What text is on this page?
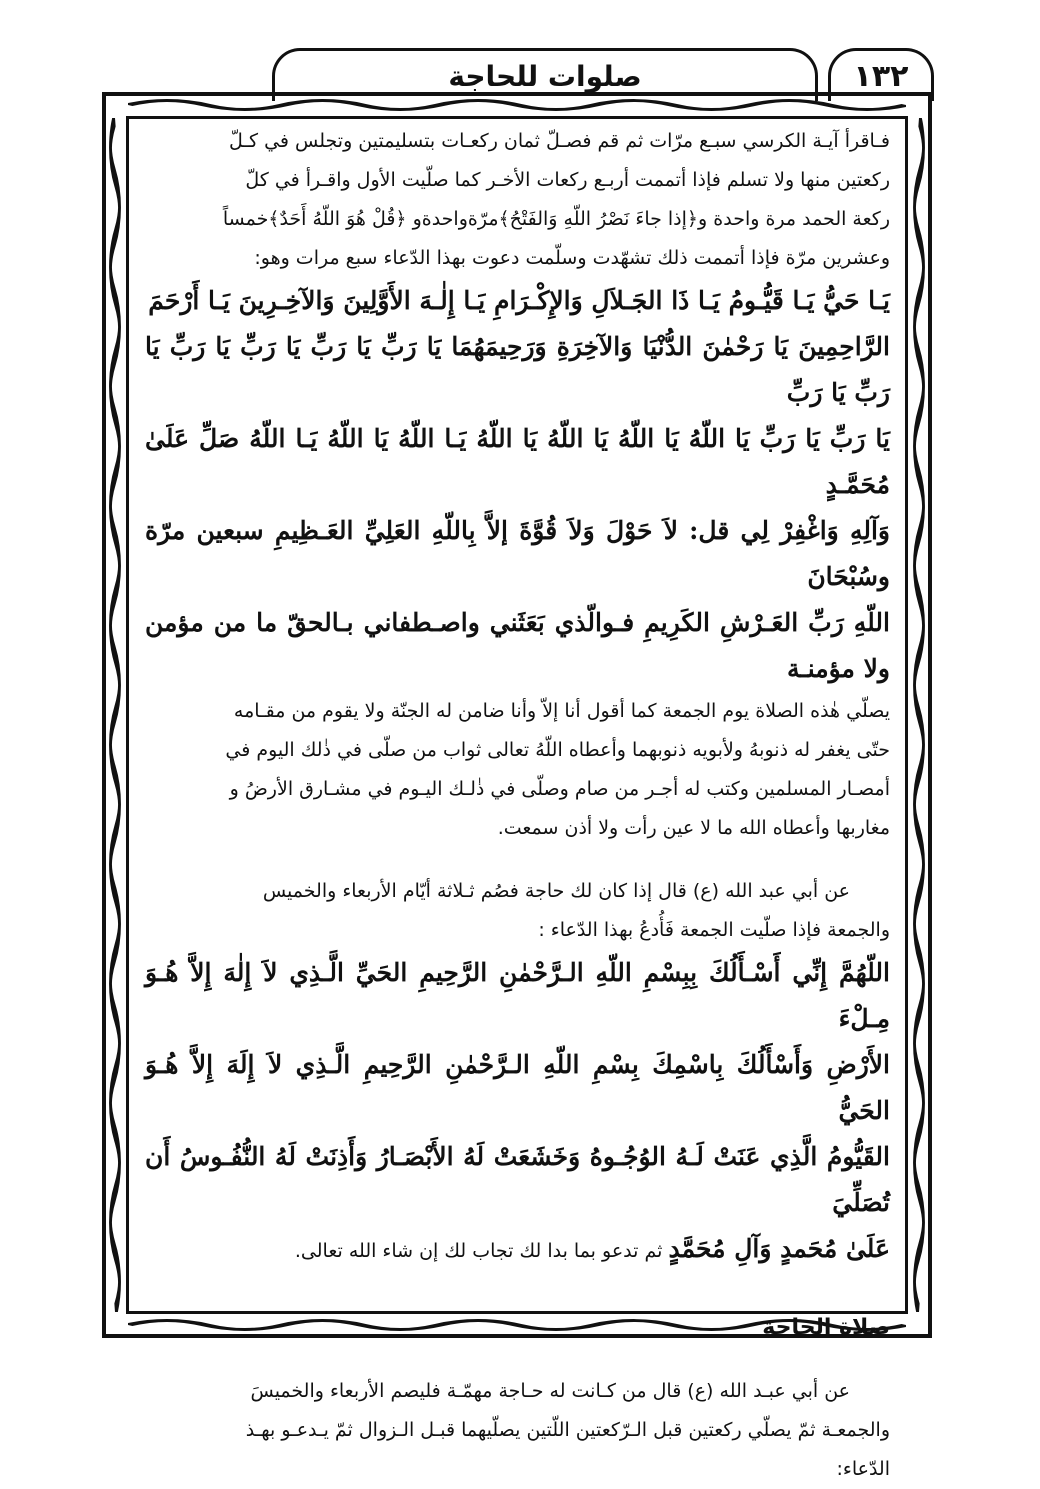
صلوات للحاجة	١٣٢

فـاقرأ آيـة الكرسي سبـع مرّات ثم قم فصـلّ ثمان ركعـات بتسليمتين وتجلس في كـلّ

ركعتين منها ولا تسلم فإذا أتممت أربـع ركعات الأخـر كما صلّيت الأول واقـرأ في كلّ

ركعة الحمد مرة واحدة و﴿إذا جاءَ نَصْرُ اللّهِ وَالفَتْحُ﴾مرّةواحدةو ﴿قُلْ هُوَ اللّهُ أَحَدٌ﴾خمساً

وعشرين مرّة فإذا أتممت ذلك تشهّدت وسلّمت دعوت بهذا الدّعاء سبع مرات وهو:

يَـا حَيُّ يَـا قَيُّـومُ يَـا ذَا الجَـلاَلِ وَالإِكْـرَامِ يَـا إِلٰـهَ الأَوَّلِينَ وَالآخِـرِينَ يَـا أَرْحَمَ

الرَّاحِمِينَ يَا رَحْمٰنَ الدُّنْيَا وَالآخِرَةِ وَرَحِيمَهُمَا يَا رَبِّ يَا رَبِّ يَا رَبِّ يَا رَبِّ يَا رَبِّ يَا رَبِّ

يَا رَبِّ يَا رَبِّ يَا اللّهُ يَا اللّهُ يَا اللّهُ يَا اللّهُ يَـا اللّهُ يَا اللّهُ يَـا اللّهُ صَلِّ عَلَىٰ مُحَمَّـدٍ

وَآلِهِ وَاغْفِرْ لِي قل: لاَ حَوْلَ وَلاَ قُوَّةَ إلاَّ بِاللّهِ العَلِيِّ العَـظِيمِ سبعين مرّة وسُبْحَانَ

اللّهِ رَبِّ العَـرْشِ الكَرِيمِ فـوالّذي بَعَثَني واصـطفاني بـالحقّ ما من مؤمن ولا مؤمنـة

يصلّي هٰذه الصلاة يوم الجمعة كما أقول أنا إلاّ وأنا ضامن له الجنّة ولا يقوم من مقـامه

حتّى يغفر له ذنوبهُ ولأبويه ذنوبهما وأعطاه اللّهُ تعالى ثواب من صلّى في ذٰلك اليوم في

أمصـار المسلمين وكتب له أجـر من صام وصلّى في ذٰلـك اليـوم في مشـارق الأرضُ و

مغاربها وأعطاه الله ما لا عين رأت ولا أذن سمعت.

عن أبي عبد الله (ع) قال إذا كان لك حاجة فصُم ثـلاثة أيّام الأربعاء والخميس

والجمعة فإذا صلّيت الجمعة فَأُدعُ بهذا الدّعاء :

اللّهُمَّ إِنِّي أَسْـأَلُكَ بِبِسْمِ اللّهِ الـرَّحْمٰنِ الرَّحِيمِ الحَيِّ الَّـذِي لاَ إِلٰهَ إِلاَّ هُـوَ مِـلْءَ

الأَرْضِ وَأَسْأَلُكَ بِاسْمِكَ بِسْمِ اللّهِ الـرَّحْمٰنِ الرَّحِيمِ الَّـذِي لاَ إِلَهَ إِلاَّ هُـوَ الحَيُّ

القَيُّومُ الَّذِي عَنَتْ لَـهُ الوُجُـوهُ وَخَشَعَتْ لَهُ الأَبْصَـارُ وَأَذِنَتْ لَهُ النُّفُـوسُ أَن تُصَلِّيَ

عَلَىٰ مُحَمدٍ وَآلِ مُحَمَّدٍ ثم تدعو بما بدا لك تجاب لك إن شاء الله تعالى.

صلاة الحاجة

عن أبي عبـد الله (ع) قال من كـانت له حـاجة مهمّـة فليصم الأربعاء والخميسَ

والجمعـة ثمّ يصلّي ركعتين قبل الـرّكعتين اللّتين يصلّيهما قبـل الـزوال ثمّ يـدعـو بهـذ

الدّعاء:
